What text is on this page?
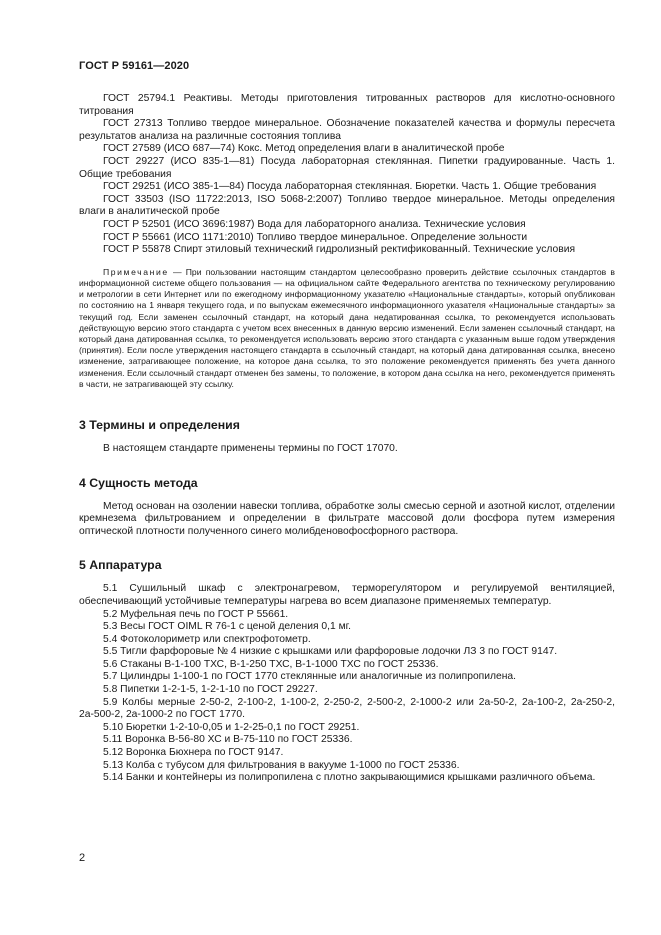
ГОСТ Р 59161—2020

ГОСТ 25794.1 Реактивы. Методы приготовления титрованных растворов для кислотно-основного титрования

ГОСТ 27313 Топливо твердое минеральное. Обозначение показателей качества и формулы пересчета результатов анализа на различные состояния топлива

ГОСТ 27589 (ИСО 687—74) Кокс. Метод определения влаги в аналитической пробе

ГОСТ 29227 (ИСО 835-1—81) Посуда лабораторная стеклянная. Пипетки градуированные. Часть 1. Общие требования

ГОСТ 29251 (ИСО 385-1—84) Посуда лабораторная стеклянная. Бюретки. Часть 1. Общие требования

ГОСТ 33503 (ISO 11722:2013, ISO 5068-2:2007) Топливо твердое минеральное. Методы определения влаги в аналитической пробе

ГОСТ Р 52501 (ИСО 3696:1987) Вода для лабораторного анализа. Технические условия

ГОСТ Р 55661 (ИСО 1171:2010) Топливо твердое минеральное. Определение зольности

ГОСТ Р 55878 Спирт этиловый технический гидролизный ректификованный. Технические условия

Примечание — При пользовании настоящим стандартом целесообразно проверить действие ссылочных стандартов в информационной системе общего пользования — на официальном сайте Федерального агентства по техническому регулированию и метрологии в сети Интернет или по ежегодному информационному указателю «Национальные стандарты», который опубликован по состоянию на 1 января текущего года, и по выпускам ежемесячного информационного указателя «Национальные стандарты» за текущий год. Если заменен ссылочный стандарт, на который дана недатированная ссылка, то рекомендуется использовать действующую версию этого стандарта с учетом всех внесенных в данную версию изменений. Если заменен ссылочный стандарт, на который дана датированная ссылка, то рекомендуется использовать версию этого стандарта с указанным выше годом утверждения (принятия). Если после утверждения настоящего стандарта в ссылочный стандарт, на который дана датированная ссылка, внесено изменение, затрагивающее положение, на которое дана ссылка, то это положение рекомендуется применять без учета данного изменения. Если ссылочный стандарт отменен без замены, то положение, в котором дана ссылка на него, рекомендуется применять в части, не затрагивающей эту ссылку.

3 Термины и определения

В настоящем стандарте применены термины по ГОСТ 17070.

4 Сущность метода

Метод основан на озолении навески топлива, обработке золы смесью серной и азотной кислот, отделении кремнезема фильтрованием и определении в фильтрате массовой доли фосфора путем измерения оптической плотности полученного синего молибденовофосфорного раствора.

5 Аппаратура

5.1 Сушильный шкаф с электронагревом, терморегулятором и регулируемой вентиляцией, обеспечивающий устойчивые температуры нагрева во всем диапазоне применяемых температур.

5.2 Муфельная печь по ГОСТ Р 55661.

5.3 Весы ГОСТ OIML R 76-1 с ценой деления 0,1 мг.

5.4 Фотоколориметр или спектрофотометр.

5.5 Тигли фарфоровые № 4 низкие с крышками или фарфоровые лодочки ЛЗ 3 по ГОСТ 9147.

5.6 Стаканы В-1-100 ТХС, В-1-250 ТХС, В-1-1000 ТХС по ГОСТ 25336.

5.7 Цилиндры 1-100-1 по ГОСТ 1770 стеклянные или аналогичные из полипропилена.

5.8 Пипетки 1-2-1-5, 1-2-1-10 по ГОСТ 29227.

5.9 Колбы мерные 2-50-2, 2-100-2, 1-100-2, 2-250-2, 2-500-2, 2-1000-2 или 2а-50-2, 2а-100-2, 2а-250-2, 2а-500-2, 2а-1000-2 по ГОСТ 1770.

5.10 Бюретки 1-2-10-0,05 и 1-2-25-0,1 по ГОСТ 29251.

5.11 Воронка В-56-80 ХС и В-75-110 по ГОСТ 25336.

5.12 Воронка Бюхнера по ГОСТ 9147.

5.13 Колба с тубусом для фильтрования в вакууме 1-1000 по ГОСТ 25336.

5.14 Банки и контейнеры из полипропилена с плотно закрывающимися крышками различного объема.

2
